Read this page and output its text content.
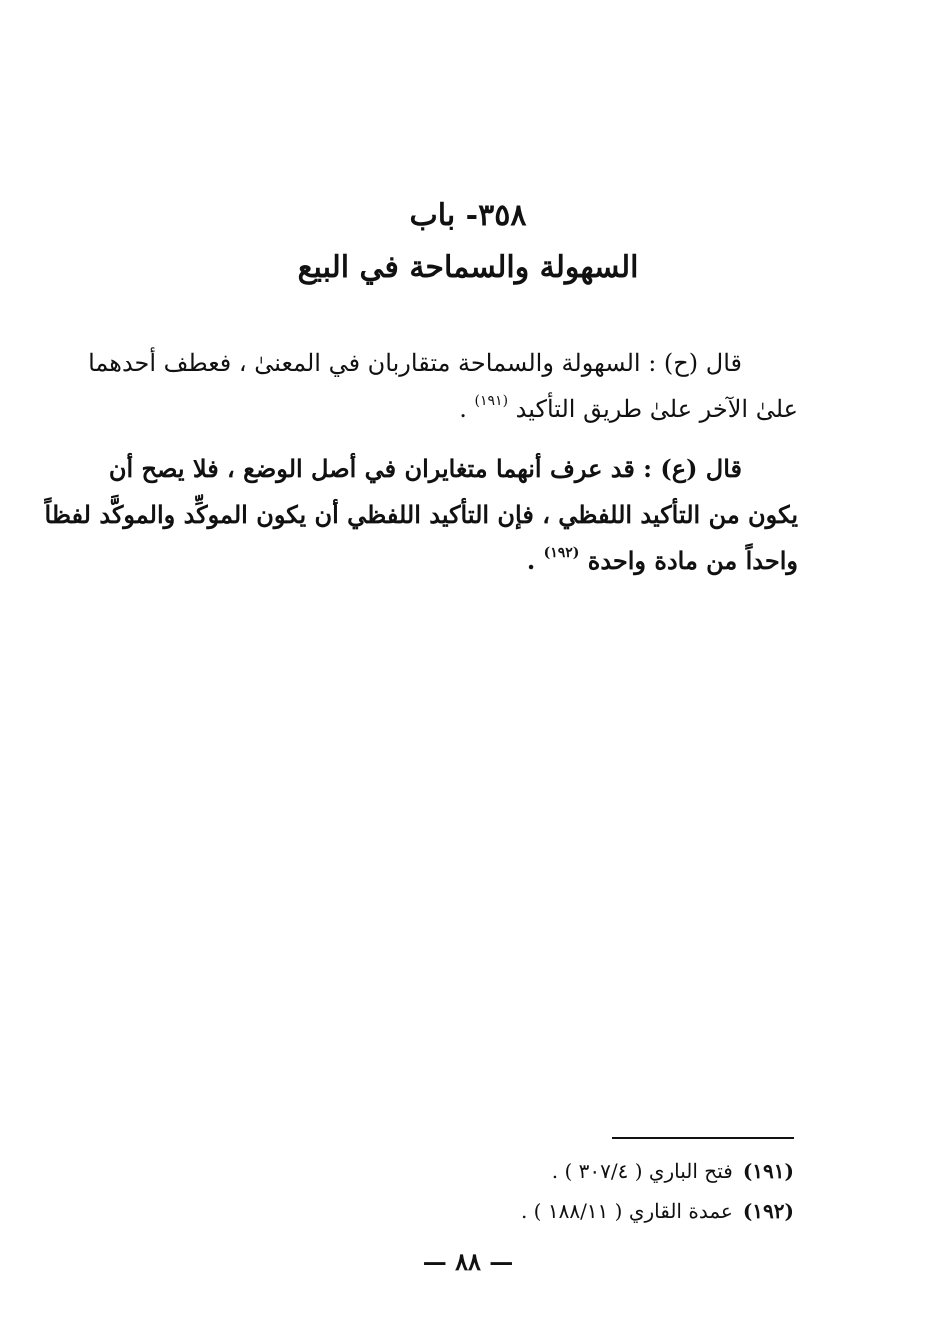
٣٥٨- باب
السهولة والسماحة في البيع
قال (ح) : السهولة والسماحة متقاربان في المعنىٰ ، فعطف أحدهما
علىٰ الآخر علىٰ طريق التأكيد $^{(١٩١)}$ .
قال (ع) : قد عرف أنهما متغايران في أصل الوضع ، فلا يصح أن
يكون من التأكيد اللفظي ، فإن التأكيد اللفظي أن يكون الموكِّد والموكَّد لفظاً
واحداً من مادة واحدة $^{(١٩٢)}$ .
(١٩١)فتح الباري ( ٣٠٧/٤ ) .
(١٩٢)عمدة القاري ( ١٨٨/١١ ) .
— ٨٨ —
